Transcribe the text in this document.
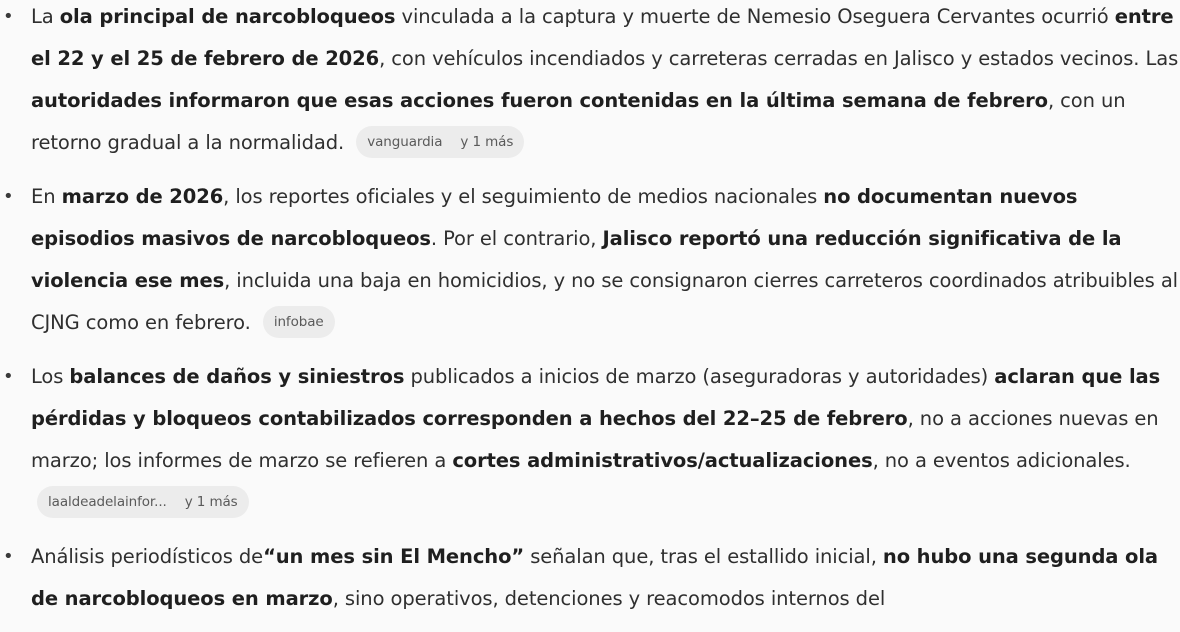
• La ola principal de narcobloqueos vinculada a la captura y muerte de Nemesio Oseguera Cervantes ocurrió entre el 22 y el 25 de febrero de 2026, con vehículos incendiados y carreteras cerradas en Jalisco y estados vecinos. Las autoridades informaron que esas acciones fueron contenidas en la última semana de febrero, con un retorno gradual a la normalidad. vanguardia y 1 más
• En marzo de 2026, los reportes oficiales y el seguimiento de medios nacionales no documentan nuevos episodios masivos de narcobloqueos. Por el contrario, Jalisco reportó una reducción significativa de la violencia ese mes, incluida una baja en homicidios, y no se consignaron cierres carreteros coordinados atribuibles al CJNG como en febrero. infobae
• Los balances de daños y siniestros publicados a inicios de marzo (aseguradoras y autoridades) aclaran que las pérdidas y bloqueos contabilizados corresponden a hechos del 22–25 de febrero, no a acciones nuevas en marzo; los informes de marzo se refieren a cortes administrativos/actualizaciones, no a eventos adicionales.
laaldeadelainfor... y 1 más
• Análisis periodísticos de“un mes sin El Mencho” señalan que, tras el estallido inicial, no hubo una segunda ola de narcobloqueos en marzo, sino operativos, detenciones y reacomodos internos del
